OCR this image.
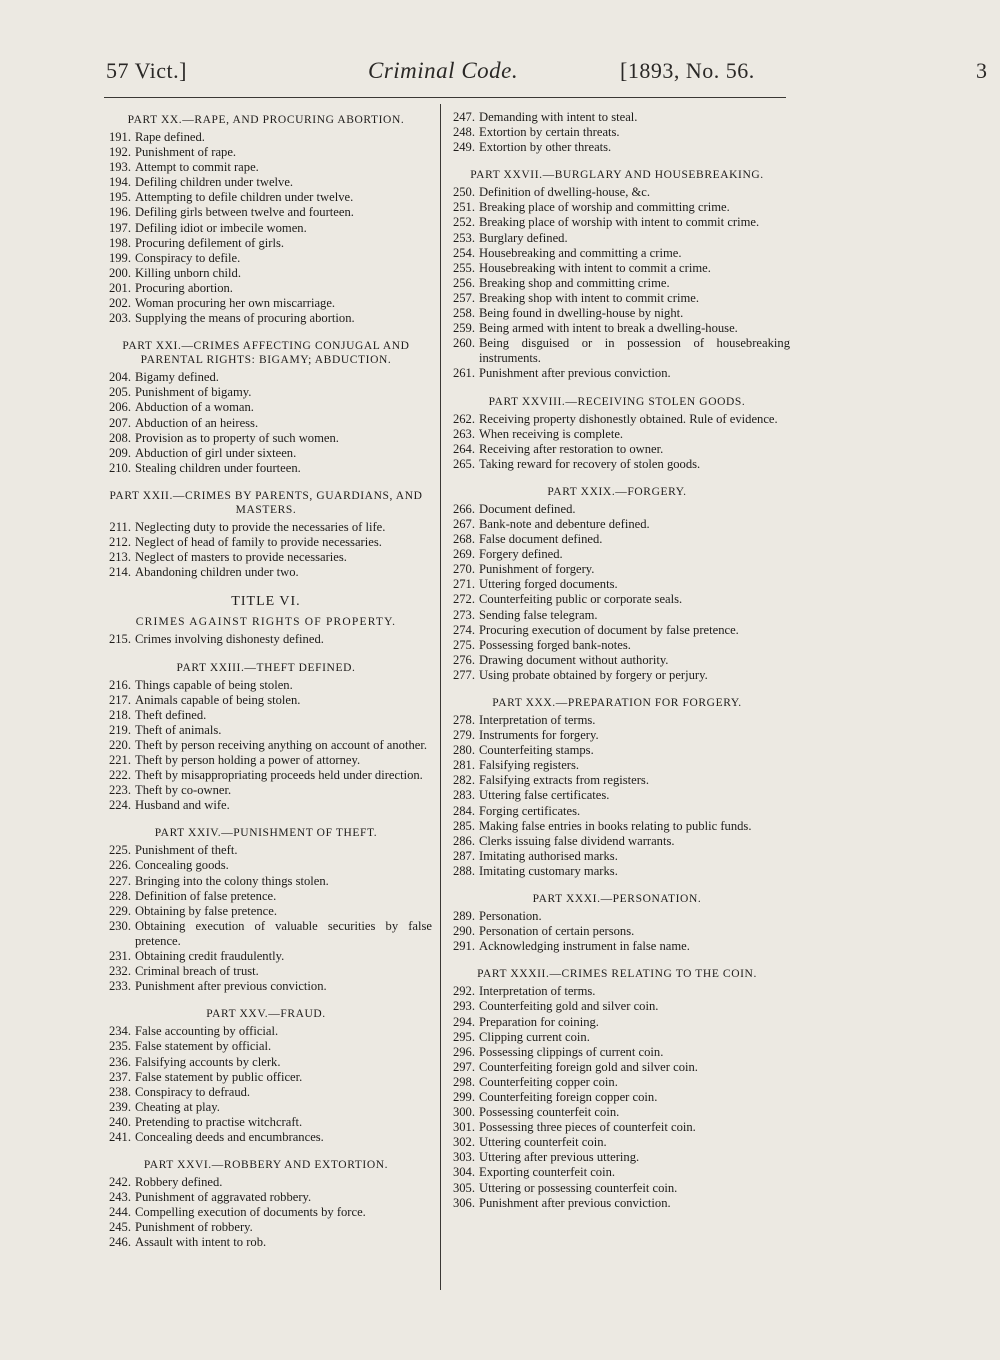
57 Vict.]	Criminal Code.	[1893, No. 56.	3
PART XX.—RAPE, AND PROCURING ABORTION.
191. Rape defined.
192. Punishment of rape.
193. Attempt to commit rape.
194. Defiling children under twelve.
195. Attempting to defile children under twelve.
196. Defiling girls between twelve and fourteen.
197. Defiling idiot or imbecile women.
198. Procuring defilement of girls.
199. Conspiracy to defile.
200. Killing unborn child.
201. Procuring abortion.
202. Woman procuring her own miscarriage.
203. Supplying the means of procuring abortion.
PART XXI.—CRIMES AFFECTING CONJUGAL AND PARENTAL RIGHTS: BIGAMY; ABDUCTION.
204. Bigamy defined.
205. Punishment of bigamy.
206. Abduction of a woman.
207. Abduction of an heiress.
208. Provision as to property of such women.
209. Abduction of girl under sixteen.
210. Stealing children under fourteen.
PART XXII.—CRIMES BY PARENTS, GUARDIANS, AND MASTERS.
211. Neglecting duty to provide the necessaries of life.
212. Neglect of head of family to provide necessaries.
213. Neglect of masters to provide necessaries.
214. Abandoning children under two.
TITLE VI.
CRIMES AGAINST RIGHTS OF PROPERTY.
215. Crimes involving dishonesty defined.
PART XXIII.—THEFT DEFINED.
216. Things capable of being stolen.
217. Animals capable of being stolen.
218. Theft defined.
219. Theft of animals.
220. Theft by person receiving anything on account of another.
221. Theft by person holding a power of attorney.
222. Theft by misappropriating proceeds held under direction.
223. Theft by co-owner.
224. Husband and wife.
PART XXIV.—PUNISHMENT OF THEFT.
225. Punishment of theft.
226. Concealing goods.
227. Bringing into the colony things stolen.
228. Definition of false pretence.
229. Obtaining by false pretence.
230. Obtaining execution of valuable securities by false pretence.
231. Obtaining credit fraudulently.
232. Criminal breach of trust.
233. Punishment after previous conviction.
PART XXV.—FRAUD.
234. False accounting by official.
235. False statement by official.
236. Falsifying accounts by clerk.
237. False statement by public officer.
238. Conspiracy to defraud.
239. Cheating at play.
240. Pretending to practise witchcraft.
241. Concealing deeds and encumbrances.
PART XXVI.—ROBBERY AND EXTORTION.
242. Robbery defined.
243. Punishment of aggravated robbery.
244. Compelling execution of documents by force.
245. Punishment of robbery.
246. Assault with intent to rob.
247. Demanding with intent to steal.
248. Extortion by certain threats.
249. Extortion by other threats.
PART XXVII.—BURGLARY AND HOUSEBREAKING.
250. Definition of dwelling-house, &c.
251. Breaking place of worship and committing crime.
252. Breaking place of worship with intent to commit crime.
253. Burglary defined.
254. Housebreaking and committing a crime.
255. Housebreaking with intent to commit a crime.
256. Breaking shop and committing crime.
257. Breaking shop with intent to commit crime.
258. Being found in dwelling-house by night.
259. Being armed with intent to break a dwelling-house.
260. Being disguised or in possession of housebreaking instruments.
261. Punishment after previous conviction.
PART XXVIII.—RECEIVING STOLEN GOODS.
262. Receiving property dishonestly obtained. Rule of evidence.
263. When receiving is complete.
264. Receiving after restoration to owner.
265. Taking reward for recovery of stolen goods.
PART XXIX.—FORGERY.
266. Document defined.
267. Bank-note and debenture defined.
268. False document defined.
269. Forgery defined.
270. Punishment of forgery.
271. Uttering forged documents.
272. Counterfeiting public or corporate seals.
273. Sending false telegram.
274. Procuring execution of document by false pretence.
275. Possessing forged bank-notes.
276. Drawing document without authority.
277. Using probate obtained by forgery or perjury.
PART XXX.—PREPARATION FOR FORGERY.
278. Interpretation of terms.
279. Instruments for forgery.
280. Counterfeiting stamps.
281. Falsifying registers.
282. Falsifying extracts from registers.
283. Uttering false certificates.
284. Forging certificates.
285. Making false entries in books relating to public funds.
286. Clerks issuing false dividend warrants.
287. Imitating authorised marks.
288. Imitating customary marks.
PART XXXI.—PERSONATION.
289. Personation.
290. Personation of certain persons.
291. Acknowledging instrument in false name.
PART XXXII.—CRIMES RELATING TO THE COIN.
292. Interpretation of terms.
293. Counterfeiting gold and silver coin.
294. Preparation for coining.
295. Clipping current coin.
296. Possessing clippings of current coin.
297. Counterfeiting foreign gold and silver coin.
298. Counterfeiting copper coin.
299. Counterfeiting foreign copper coin.
300. Possessing counterfeit coin.
301. Possessing three pieces of counterfeit coin.
302. Uttering counterfeit coin.
303. Uttering after previous uttering.
304. Exporting counterfeit coin.
305. Uttering or possessing counterfeit coin.
306. Punishment after previous conviction.
